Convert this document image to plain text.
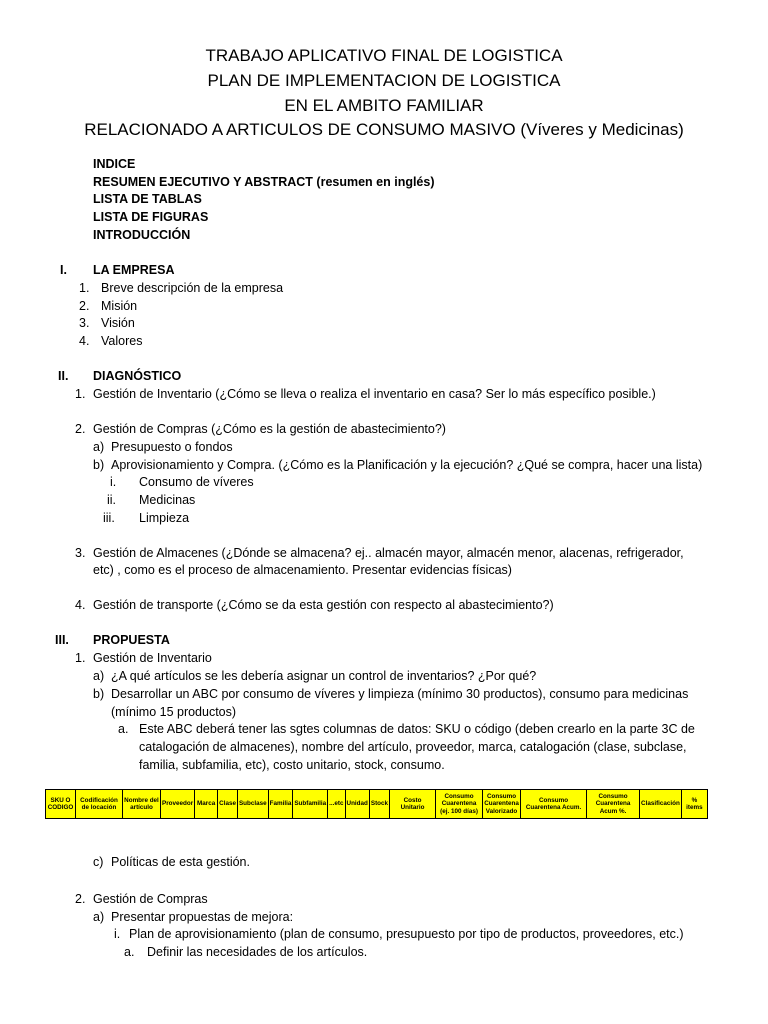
TRABAJO APLICATIVO FINAL DE LOGISTICA
PLAN DE IMPLEMENTACION DE LOGISTICA
EN EL AMBITO FAMILIAR
RELACIONADO A ARTICULOS DE CONSUMO MASIVO (Víveres y Medicinas)
INDICE
RESUMEN EJECUTIVO Y ABSTRACT (resumen en inglés)
LISTA DE TABLAS
LISTA DE FIGURAS
INTRODUCCIÓN
I. LA EMPRESA
1. Breve descripción de la empresa
2. Misión
3. Visión
4. Valores
II. DIAGNÓSTICO
1. Gestión de Inventario (¿Cómo se lleva o realiza el inventario en casa? Ser lo más específico posible.)
2. Gestión de Compras (¿Cómo es la gestión de abastecimiento?)
a) Presupuesto o fondos
b) Aprovisionamiento y Compra. (¿Cómo es la Planificación y la ejecución? ¿Qué se compra, hacer una lista)
i. Consumo de víveres
ii. Medicinas
iii. Limpieza
3. Gestión de Almacenes (¿Dónde se almacena? ej.. almacén mayor, almacén menor, alacenas, refrigerador,
etc) , como es el proceso de almacenamiento. Presentar evidencias físicas)
4. Gestión de transporte (¿Cómo se da esta gestión con respecto al abastecimiento?)
III. PROPUESTA
1. Gestión de Inventario
a) ¿A qué artículos se les debería asignar un control de inventarios? ¿Por qué?
b) Desarrollar un ABC por consumo de víveres y limpieza (mínimo 30 productos), consumo para medicinas
(mínimo 15 productos)
a. Este ABC deberá tener las sgtes columnas de datos: SKU o código (deben crearlo en la parte 3C de
catalogación de almacenes), nombre del artículo, proveedor, marca, catalogación (clase, subclase,
familia, subfamilia, etc), costo unitario, stock, consumo.
SKU O CODIGO	Codificación de locación	Nombre del artículo	Proveedor	Marca	Clase	Subclase	Familia	Subfamilia	...etc	Unidad	Stock	Costo Unitario	Consumo Cuarentena (ej. 100 días)	Consumo Cuarentena Valorizado	Consumo Cuarentena Acum.	Consumo Cuarentena Acum %.	Clasificación	% items
c) Políticas de esta gestión.
2. Gestión de Compras
a) Presentar propuestas de mejora:
i. Plan de aprovisionamiento (plan de consumo, presupuesto por tipo de productos, proveedores, etc.)
a. Definir las necesidades de los artículos.
